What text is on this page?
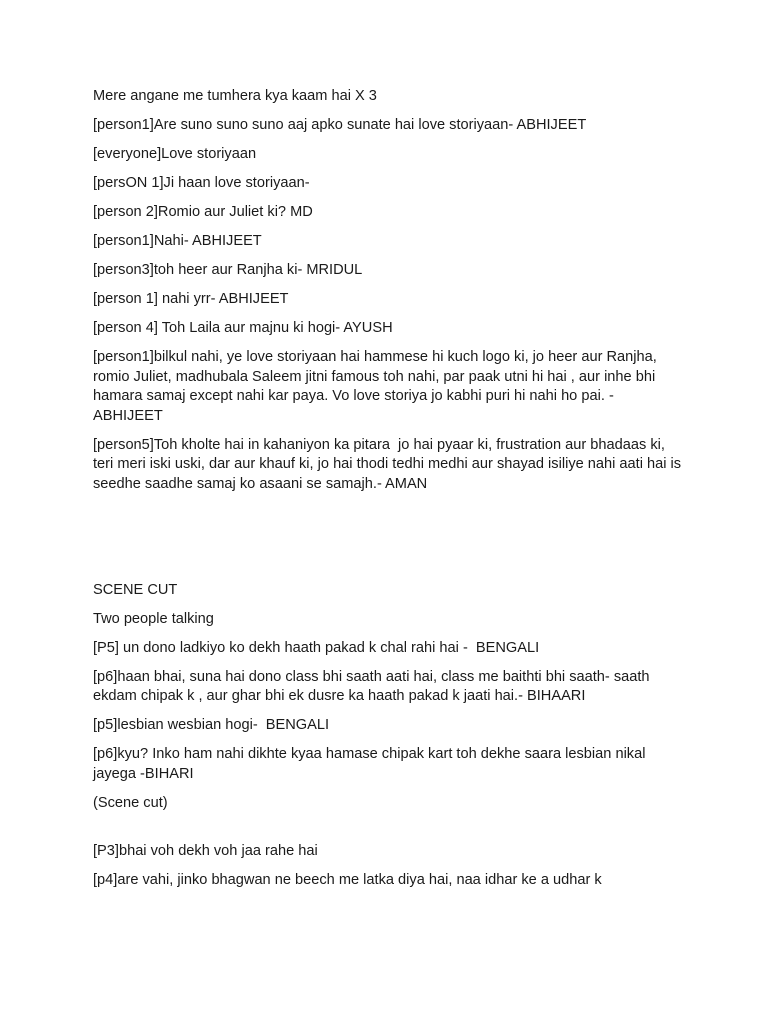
Mere angane me tumhera kya kaam hai X 3

[person1]Are suno suno suno aaj apko sunate hai love storiyaan- ABHIJEET

[everyone]Love storiyaan

[persON 1]Ji haan love storiyaan-

[person 2]Romio aur Juliet ki? MD

[person1]Nahi- ABHIJEET

[person3]toh heer aur Ranjha ki- MRIDUL

[person 1] nahi yrr- ABHIJEET

[person 4] Toh Laila aur majnu ki hogi- AYUSH

[person1]bilkul nahi, ye love storiyaan hai hammese hi kuch logo ki, jo heer aur Ranjha, romio Juliet, madhubala Saleem jitni famous toh nahi, par paak utni hi hai , aur inhe bhi hamara samaj except nahi kar paya. Vo love storiya jo kabhi puri hi nahi ho pai. - ABHIJEET

[person5]Toh kholte hai in kahaniyon ka pitara  jo hai pyaar ki, frustration aur bhadaas ki, teri meri iski uski, dar aur khauf ki, jo hai thodi tedhi medhi aur shayad isiliye nahi aati hai is seedhe saadhe samaj ko asaani se samajh.- AMAN

SCENE CUT

Two people talking

[P5] un dono ladkiyo ko dekh haath pakad k chal rahi hai -  BENGALI

[p6]haan bhai, suna hai dono class bhi saath aati hai, class me baithti bhi saath- saath ekdam chipak k , aur ghar bhi ek dusre ka haath pakad k jaati hai.- BIHAARI

[p5]lesbian wesbian hogi-  BENGALI

[p6]kyu? Inko ham nahi dikhte kyaa hamase chipak kart toh dekhe saara lesbian nikal jayega -BIHARI

(Scene cut)

[P3]bhai voh dekh voh jaa rahe hai

[p4]are vahi, jinko bhagwan ne beech me latka diya hai, naa idhar ke a udhar k
